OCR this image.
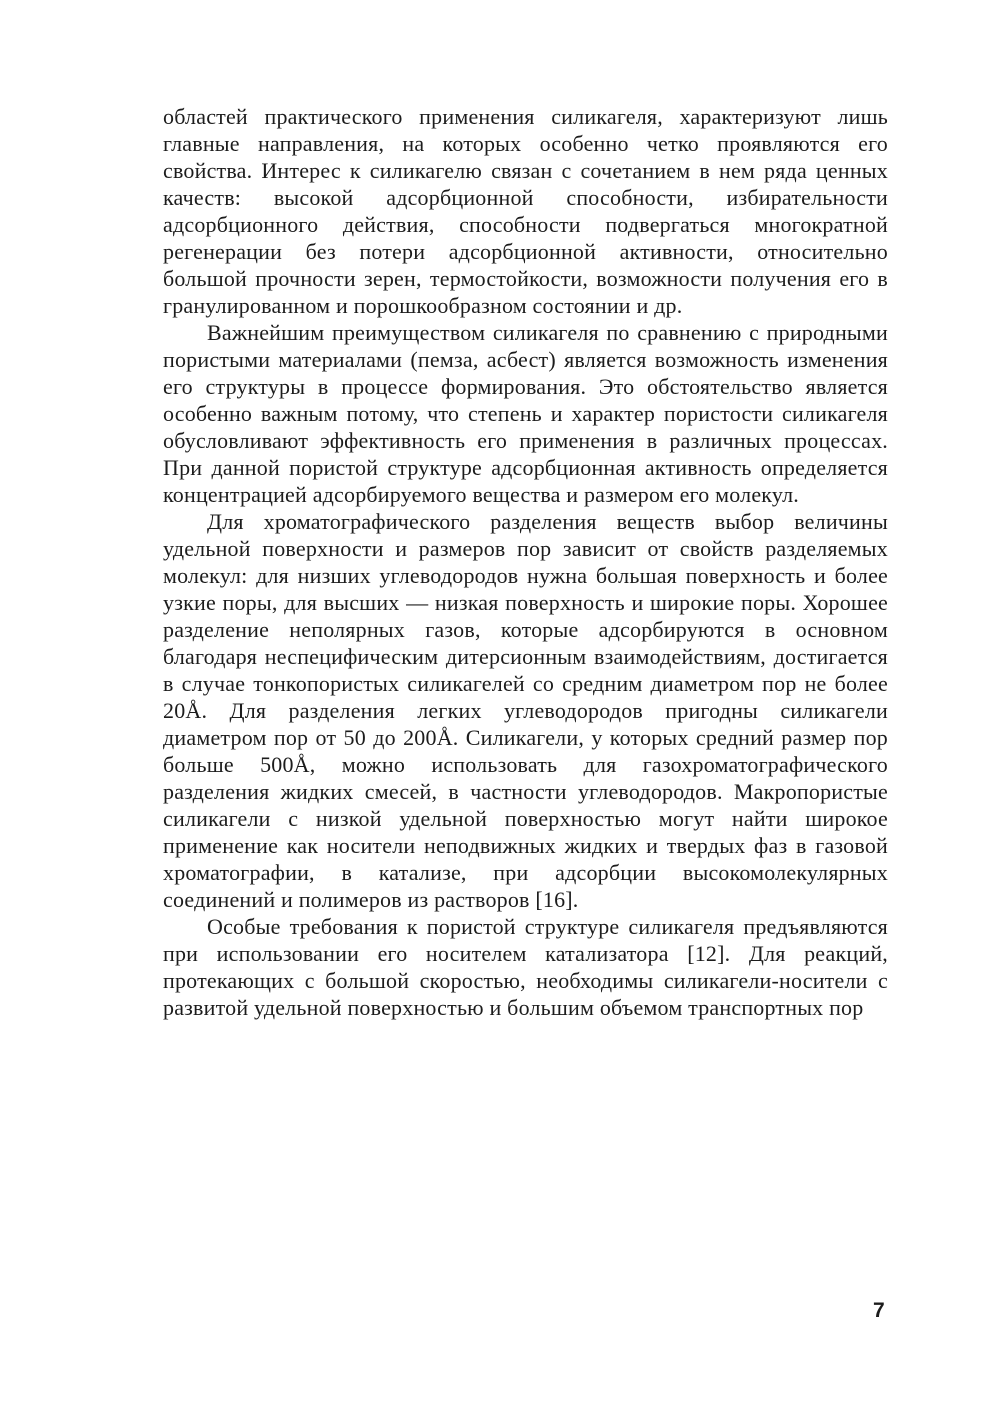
областей практического применения силикагеля, характеризуют лишь главные направления, на которых особенно четко проявляются его свойства. Интерес к силикагелю связан с сочетанием в нем ряда ценных качеств: высокой адсорбционной способности, избирательности адсорбционного действия, способности подвергаться многократной регенерации без потери адсорбционной активности, относительно большой прочности зерен, термостойкости, возможности получения его в гранулированном и порошкообразном состоянии и др.

Важнейшим преимуществом силикагеля по сравнению с природными пористыми материалами (пемза, асбест) является возможность изменения его структуры в процессе формирования. Это обстоятельство является особенно важным потому, что степень и характер пористости силикагеля обусловливают эффективность его применения в различных процессах. При данной пористой структуре адсорбционная активность определяется концентрацией адсорбируемого вещества и размером его молекул.

Для хроматографического разделения веществ выбор величины удельной поверхности и размеров пор зависит от свойств разделяемых молекул: для низших углеводородов нужна большая поверхность и более узкие поры, для высших — низкая поверхность и широкие поры. Хорошее разделение неполярных газов, которые адсорбируются в основном благодаря неспецифическим дитерсионным взаимодействиям, достигается в случае тонкопористых силикагелей со средним диаметром пор не более 20Å. Для разделения легких углеводородов пригодны силикагели диаметром пор от 50 до 200Å. Силикагели, у которых средний размер пор больше 500Å, можно использовать для газохроматографического разделения жидких смесей, в частности углеводородов. Макропористые силикагели с низкой удельной поверхностью могут найти широкое применение как носители неподвижных жидких и твердых фаз в газовой хроматографии, в катализе, при адсорбции высокомолекулярных соединений и полимеров из растворов [16].

Особые требования к пористой структуре силикагеля предъявляются при использовании его носителем катализатора [12]. Для реакций, протекающих с большой скоростью, необходимы силикагели-носители с развитой удельной поверхностью и большим объемом транспортных пор

7
